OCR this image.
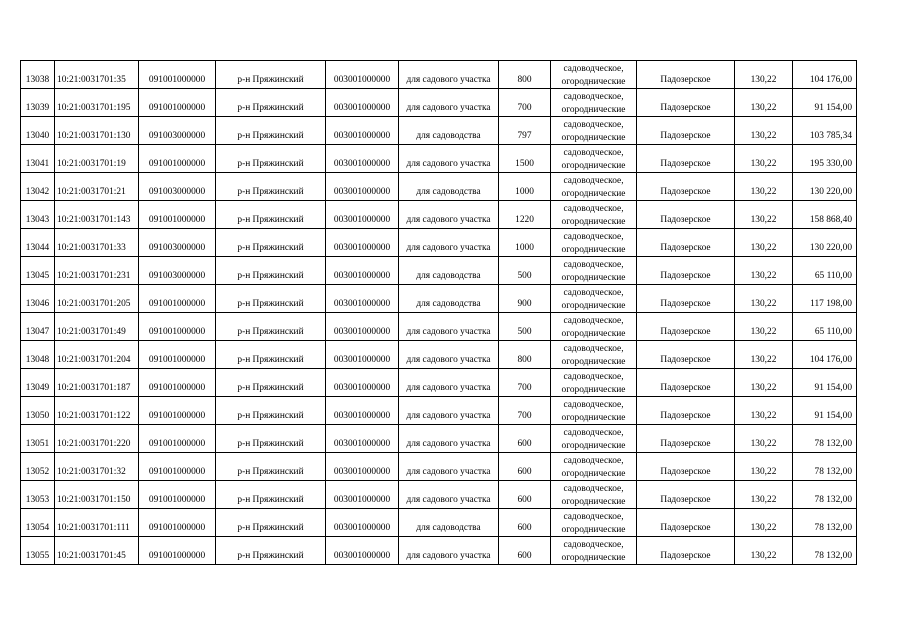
13038	10:21:0031701:35	091001000000	р-н Пряжинский	003001000000	для садового участка	800	садоводческое,
огороднические	Падозерское	130,22	104 176,00
13039	10:21:0031701:195	091001000000	р-н Пряжинский	003001000000	для садового участка	700	садоводческое,
огороднические	Падозерское	130,22	91 154,00
13040	10:21:0031701:130	091003000000	р-н Пряжинский	003001000000	для садоводства	797	садоводческое,
огороднические	Падозерское	130,22	103 785,34
13041	10:21:0031701:19	091001000000	р-н Пряжинский	003001000000	для садового участка	1500	садоводческое,
огороднические	Падозерское	130,22	195 330,00
13042	10:21:0031701:21	091003000000	р-н Пряжинский	003001000000	для садоводства	1000	садоводческое,
огороднические	Падозерское	130,22	130 220,00
13043	10:21:0031701:143	091001000000	р-н Пряжинский	003001000000	для садового участка	1220	садоводческое,
огороднические	Падозерское	130,22	158 868,40
13044	10:21:0031701:33	091003000000	р-н Пряжинский	003001000000	для садового участка	1000	садоводческое,
огороднические	Падозерское	130,22	130 220,00
13045	10:21:0031701:231	091003000000	р-н Пряжинский	003001000000	для садоводства	500	садоводческое,
огороднические	Падозерское	130,22	65 110,00
13046	10:21:0031701:205	091001000000	р-н Пряжинский	003001000000	для садоводства	900	садоводческое,
огороднические	Падозерское	130,22	117 198,00
13047	10:21:0031701:49	091001000000	р-н Пряжинский	003001000000	для садового участка	500	садоводческое,
огороднические	Падозерское	130,22	65 110,00
13048	10:21:0031701:204	091001000000	р-н Пряжинский	003001000000	для садового участка	800	садоводческое,
огороднические	Падозерское	130,22	104 176,00
13049	10:21:0031701:187	091001000000	р-н Пряжинский	003001000000	для садового участка	700	садоводческое,
огороднические	Падозерское	130,22	91 154,00
13050	10:21:0031701:122	091001000000	р-н Пряжинский	003001000000	для садового участка	700	садоводческое,
огороднические	Падозерское	130,22	91 154,00
13051	10:21:0031701:220	091001000000	р-н Пряжинский	003001000000	для садового участка	600	садоводческое,
огороднические	Падозерское	130,22	78 132,00
13052	10:21:0031701:32	091001000000	р-н Пряжинский	003001000000	для садового участка	600	садоводческое,
огороднические	Падозерское	130,22	78 132,00
13053	10:21:0031701:150	091001000000	р-н Пряжинский	003001000000	для садового участка	600	садоводческое,
огороднические	Падозерское	130,22	78 132,00
13054	10:21:0031701:111	091001000000	р-н Пряжинский	003001000000	для садоводства	600	садоводческое,
огороднические	Падозерское	130,22	78 132,00
13055	10:21:0031701:45	091001000000	р-н Пряжинский	003001000000	для садового участка	600	садоводческое,
огороднические	Падозерское	130,22	78 132,00
